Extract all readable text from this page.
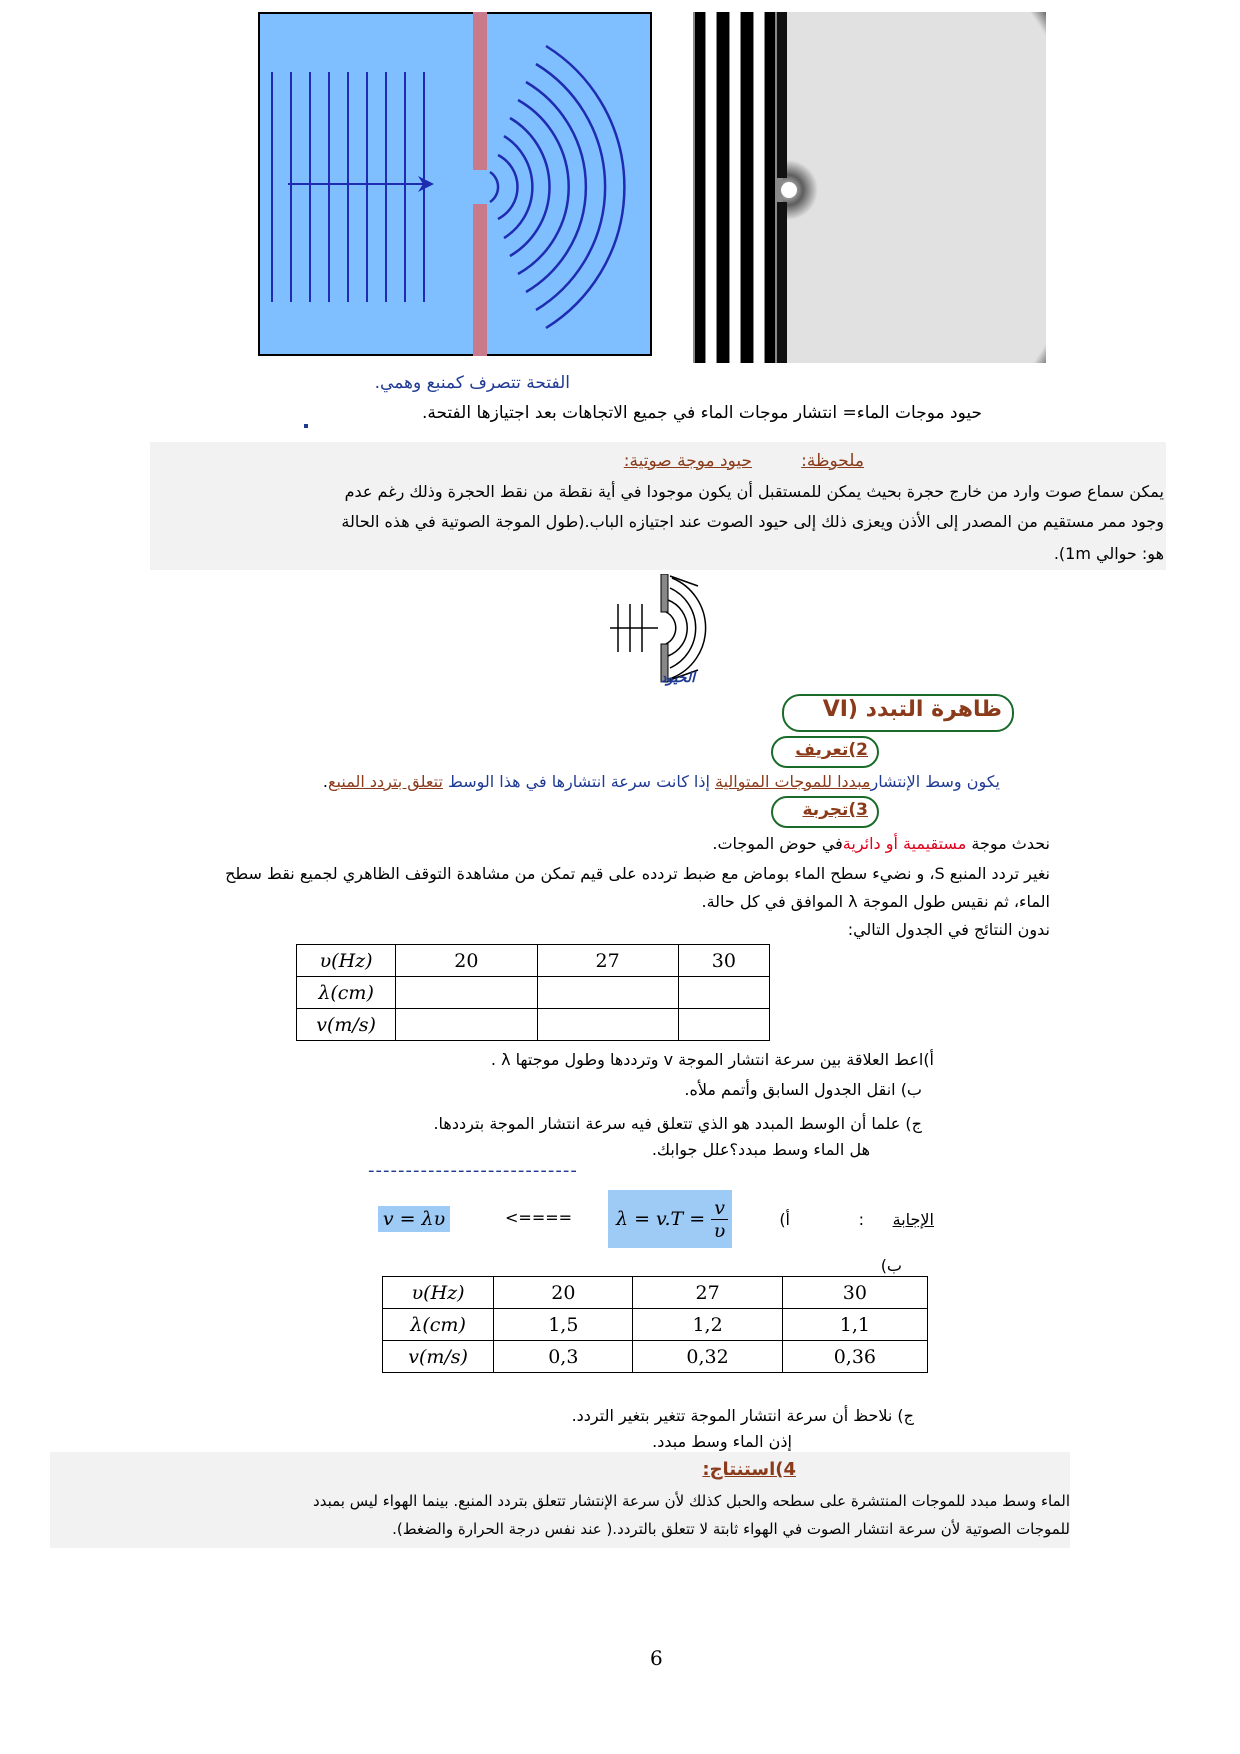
الفتحة تتصرف كمنبع وهمي.
حيود موجات الماء= انتشار موجات الماء في جميع الاتجاهات بعد اجتيازها الفتحة.
ملحوظة:
حيود موجة صوتية:
يمكن سماع صوت وارد من خارج حجرة بحيث يمكن للمستقبل أن يكون موجودا في أية نقطة من نقط الحجرة وذلك رغم عدم
وجود ممر مستقيم من المصدر إلى الأذن ويعزى ذلك إلى حيود الصوت عند اجتيازه الباب.(طول الموجة الصوتية في هذه الحالة
هو: حوالي 1m).
الحيود
VI) ظاهرة التبدد
2)تعريف
يكون وسط الإنتشارمبددا للموجات المتوالية إذا كانت سرعة انتشارها في هذا الوسط تتعلق بتردد المنبع.
3)تجربة
نحدث موجة مستقيمية أو دائريةفي حوض الموجات.
نغير تردد المنبع S، و نضيء سطح الماء بوماض مع ضبط تردده على قيم تمكن من مشاهدة التوقف الظاهري لجميع نقط سطح
الماء، ثم نقيس طول الموجة λ الموافق في كل حالة.
ندون النتائج في الجدول التالي:
υ(Hz)	20	27	30
λ(cm)			
v(m/s)			
أ)اعط العلاقة بين سرعة انتشار الموجة v وترددها وطول موجتها λ .
ب) انقل الجدول السابق وأتمم ملأه.
ج) علما أن الوسط المبدد هو الذي تتعلق فيه سرعة انتشار الموجة بترددها.
هل الماء وسط مبدد؟علل جوابك.
----------------------------
v = λυ	<==== $\lambda = v.T = \frac{v}{\upsilon}$	أ)	: الإجابة
ب)
υ(Hz)	20	27	30
λ(cm)	1,5	1,2	1,1
v(m/s)	0,3	0,32	0,36
ج) نلاحظ أن سرعة انتشار الموجة تتغير بتغير التردد.
إذن الماء وسط مبدد.
4)استنتاج:
الماء وسط مبدد للموجات المنتشرة على سطحه والحبل كذلك لأن سرعة الإنتشار تتعلق بتردد المنبع. بينما الهواء ليس بمبدد
للموجات الصوتية لأن سرعة انتشار الصوت في الهواء ثابتة لا تتعلق بالتردد.( عند نفس درجة الحرارة والضغط).
6
